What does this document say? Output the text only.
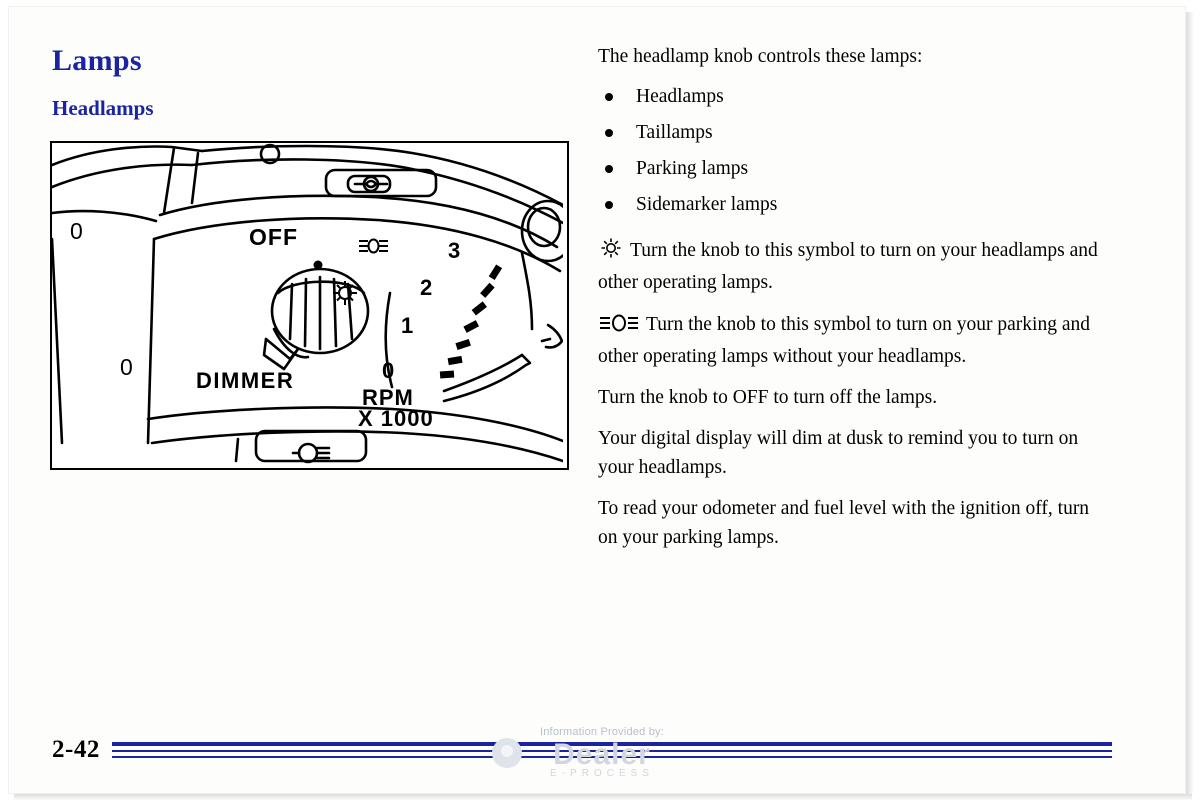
Lamps
Headlamps
0
0
OFF
DIMMER
3
2
1
0
RPM
X 1000
The headlamp knob controls these lamps:
Headlamps
Taillamps
Parking lamps
Sidemarker lamps
Turn the knob to this symbol to turn on your headlamps and other operating lamps.
Turn the knob to this symbol to turn on your parking and other operating lamps without your headlamps.
Turn the knob to OFF to turn off the lamps.
Your digital display will dim at dusk to remind you to turn on your headlamps.
To read your odometer and fuel level with the ignition off, turn on your parking lamps.
2-42
Information Provided by:
Dealer
E-PROCESS
